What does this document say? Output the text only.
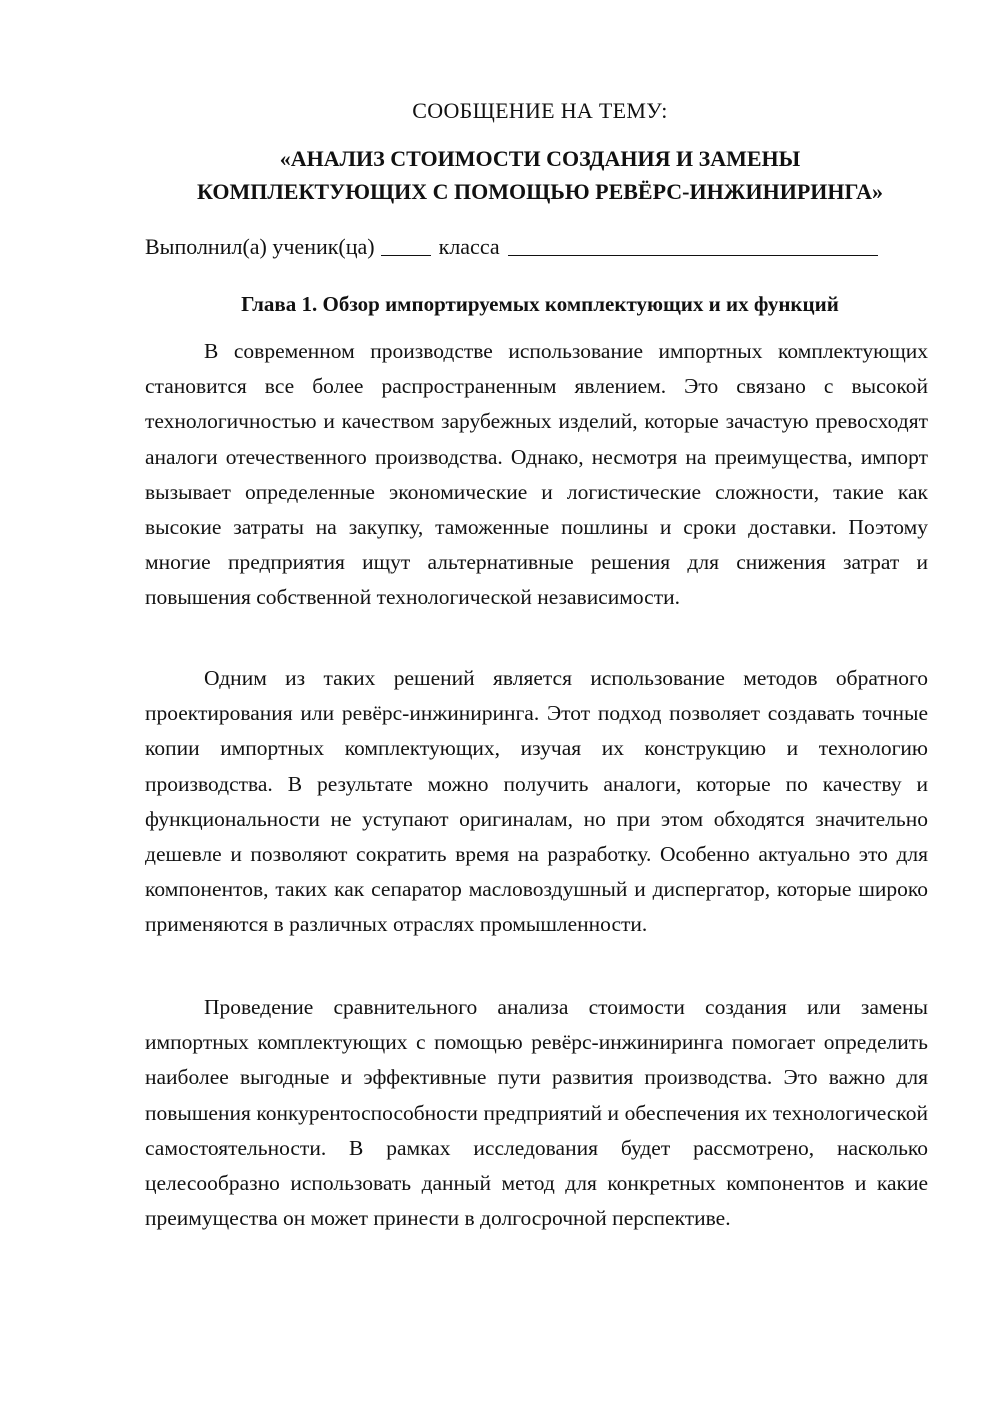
СООБЩЕНИЕ НА ТЕМУ:
«АНАЛИЗ СТОИМОСТИ СОЗДАНИЯ И ЗАМЕНЫ
КОМПЛЕКТУЮЩИХ С ПОМОЩЬЮ РЕВЁРС-ИНЖИНИРИНГА»
Выполнил(а) ученик(ца)	класса
Глава 1. Обзор импортируемых комплектующих и их функций

В современном производстве использование импортных комплектующих становится все более распространенным явлением. Это связано с высокой технологичностью и качеством зарубежных изделий, которые зачастую превосходят аналоги отечественного производства. Однако, несмотря на преимущества, импорт вызывает определенные экономические и логистические сложности, такие как высокие затраты на закупку, таможенные пошлины и сроки доставки. Поэтому многие предприятия ищут альтернативные решения для снижения затрат и повышения собственной технологической независимости.

Одним из таких решений является использование методов обратного проектирования или ревёрс-инжиниринга. Этот подход позволяет создавать точные копии импортных комплектующих, изучая их конструкцию и технологию производства. В результате можно получить аналоги, которые по качеству и функциональности не уступают оригиналам, но при этом обходятся значительно дешевле и позволяют сократить время на разработку. Особенно актуально это для компонентов, таких как сепаратор масловоздушный и диспергатор, которые широко применяются в различных отраслях промышленности.

Проведение сравнительного анализа стоимости создания или замены импортных комплектующих с помощью ревёрс-инжиниринга помогает определить наиболее выгодные и эффективные пути развития производства. Это важно для повышения конкурентоспособности предприятий и обеспечения их технологической самостоятельности. В рамках исследования будет рассмотрено, насколько целесообразно использовать данный метод для конкретных компонентов и какие преимущества он может принести в долгосрочной перспективе.
